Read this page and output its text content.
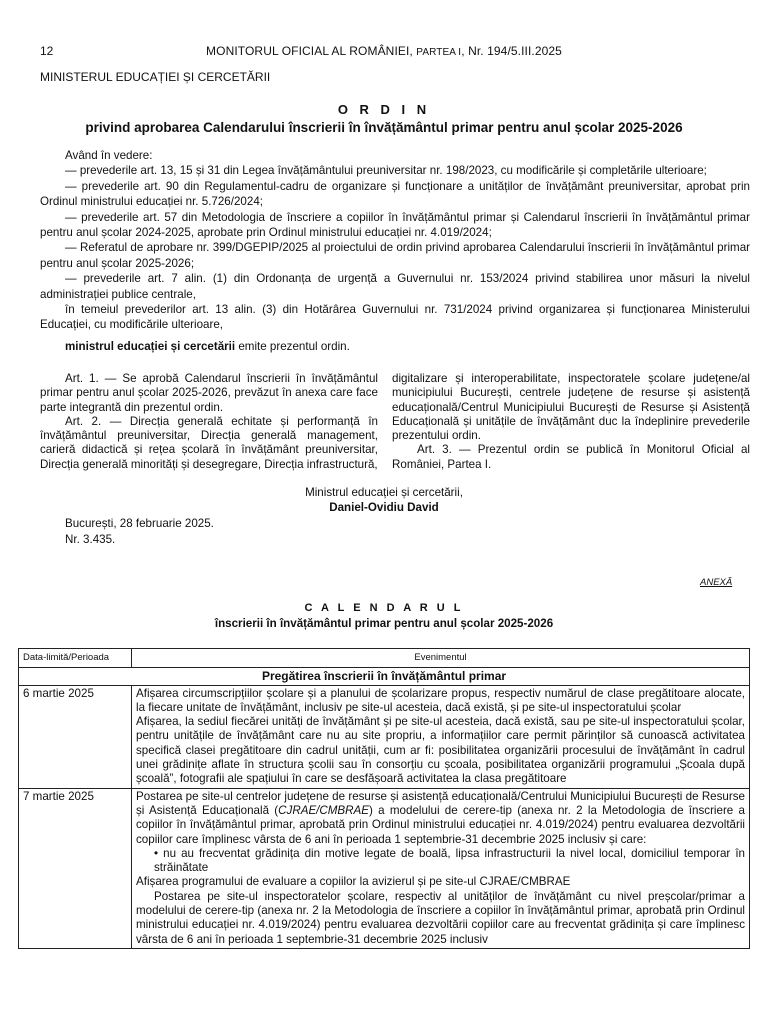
12	MONITORUL OFICIAL AL ROMÂNIEI, PARTEA I, Nr. 194/5.III.2025
MINISTERUL EDUCAȚIEI ȘI CERCETĂRII
O R D I N
privind aprobarea Calendarului înscrierii în învățământul primar pentru anul școlar 2025-2026

Având în vedere:

— prevederile art. 13, 15 și 31 din Legea învățământului preuniversitar nr. 198/2023, cu modificările și completările ulterioare;

— prevederile art. 90 din Regulamentul-cadru de organizare și funcționare a unităților de învățământ preuniversitar, aprobat prin Ordinul ministrului educației nr. 5.726/2024;

— prevederile art. 57 din Metodologia de înscriere a copiilor în învățământul primar și Calendarul înscrierii în învățământul primar pentru anul școlar 2024-2025, aprobate prin Ordinul ministrului educației nr. 4.019/2024;

— Referatul de aprobare nr. 399/DGEPIP/2025 al proiectului de ordin privind aprobarea Calendarului înscrierii în învățământul primar pentru anul școlar 2025-2026;

— prevederile art. 7 alin. (1) din Ordonanța de urgență a Guvernului nr. 153/2024 privind stabilirea unor măsuri la nivelul administrației publice centrale,

în temeiul prevederilor art. 13 alin. (3) din Hotărârea Guvernului nr. 731/2024 privind organizarea și funcționarea Ministerului Educației, cu modificările ulterioare,

ministrul educației și cercetării emite prezentul ordin.

Art. 1. — Se aprobă Calendarul înscrierii în învățământul primar pentru anul școlar 2025-2026, prevăzut în anexa care face parte integrantă din prezentul ordin.

Art. 2. — Direcția generală echitate și performanță în învățământul preuniversitar, Direcția generală management, carieră didactică și rețea școlară în învățământ preuniversitar, Direcția generală minorități și desegregare, Direcția infrastructură,

digitalizare și interoperabilitate, inspectoratele școlare județene/al municipiului București, centrele județene de resurse și asistență educațională/Centrul Municipiului București de Resurse și Asistență Educațională și unitățile de învățământ duc la îndeplinire prevederile prezentului ordin.

Art. 3. — Prezentul ordin se publică în Monitorul Oficial al României, Partea I.

Ministrul educației și cercetării,
Daniel-Ovidiu David
București, 28 februarie 2025.
Nr. 3.435.
ANEXĂ
C A L E N D A R U L
înscrierii în învățământul primar pentru anul școlar 2025-2026
Data-limită/Perioada	Evenimentul
Pregătirea înscrierii în învățământul primar	
6 martie 2025	Afișarea circumscripțiilor școlare și a planului de școlarizare propus, respectiv numărul de clase pregătitoare alocate, la fiecare unitate de învățământ, inclusiv pe site-ul acesteia, dacă există, și pe site-ul inspectoratului școlar
Afișarea, la sediul fiecărei unități de învățământ și pe site-ul acesteia, dacă există, sau pe site-ul inspectoratului școlar, pentru unitățile de învățământ care nu au site propriu, a informațiilor care permit părinților să cunoască activitatea specifică clasei pregătitoare din cadrul unității, cum ar fi: posibilitatea organizării procesului de învățământ în cadrul unei grădinițe aflate în structura școlii sau în consorțiu cu școala, posibilitatea organizării programului „Școala după școală”, fotografii ale spațiului în care se desfășoară activitatea la clasa pregătitoare

7 martie 2025	Postarea pe site-ul centrelor județene de resurse și asistență educațională/Centrului Municipiului București de Resurse și Asistență Educațională (CJRAE/CMBRAE) a modelului de cerere-tip (anexa nr. 2 la Metodologia de înscriere a copiilor în învățământul primar, aprobată prin Ordinul ministrului educației nr. 4.019/2024) pentru evaluarea dezvoltării copiilor care împlinesc vârsta de 6 ani în perioada 1 septembrie-31 decembrie 2025 inclusiv și care:
• nu au frecventat grădinița din motive legate de boală, lipsa infrastructurii la nivel local, domiciliul temporar în străinătate
Afișarea programului de evaluare a copiilor la avizierul și pe site-ul CJRAE/CMBRAE
Postarea pe site-ul inspectoratelor școlare, respectiv al unităților de învățământ cu nivel preșcolar/primar a modelului de cerere-tip (anexa nr. 2 la Metodologia de înscriere a copiilor în învățământul primar, aprobată prin Ordinul ministrului educației nr. 4.019/2024) pentru evaluarea dezvoltării copiilor care au frecventat grădinița și care împlinesc vârsta de 6 ani în perioada 1 septembrie-31 decembrie 2025 inclusiv
